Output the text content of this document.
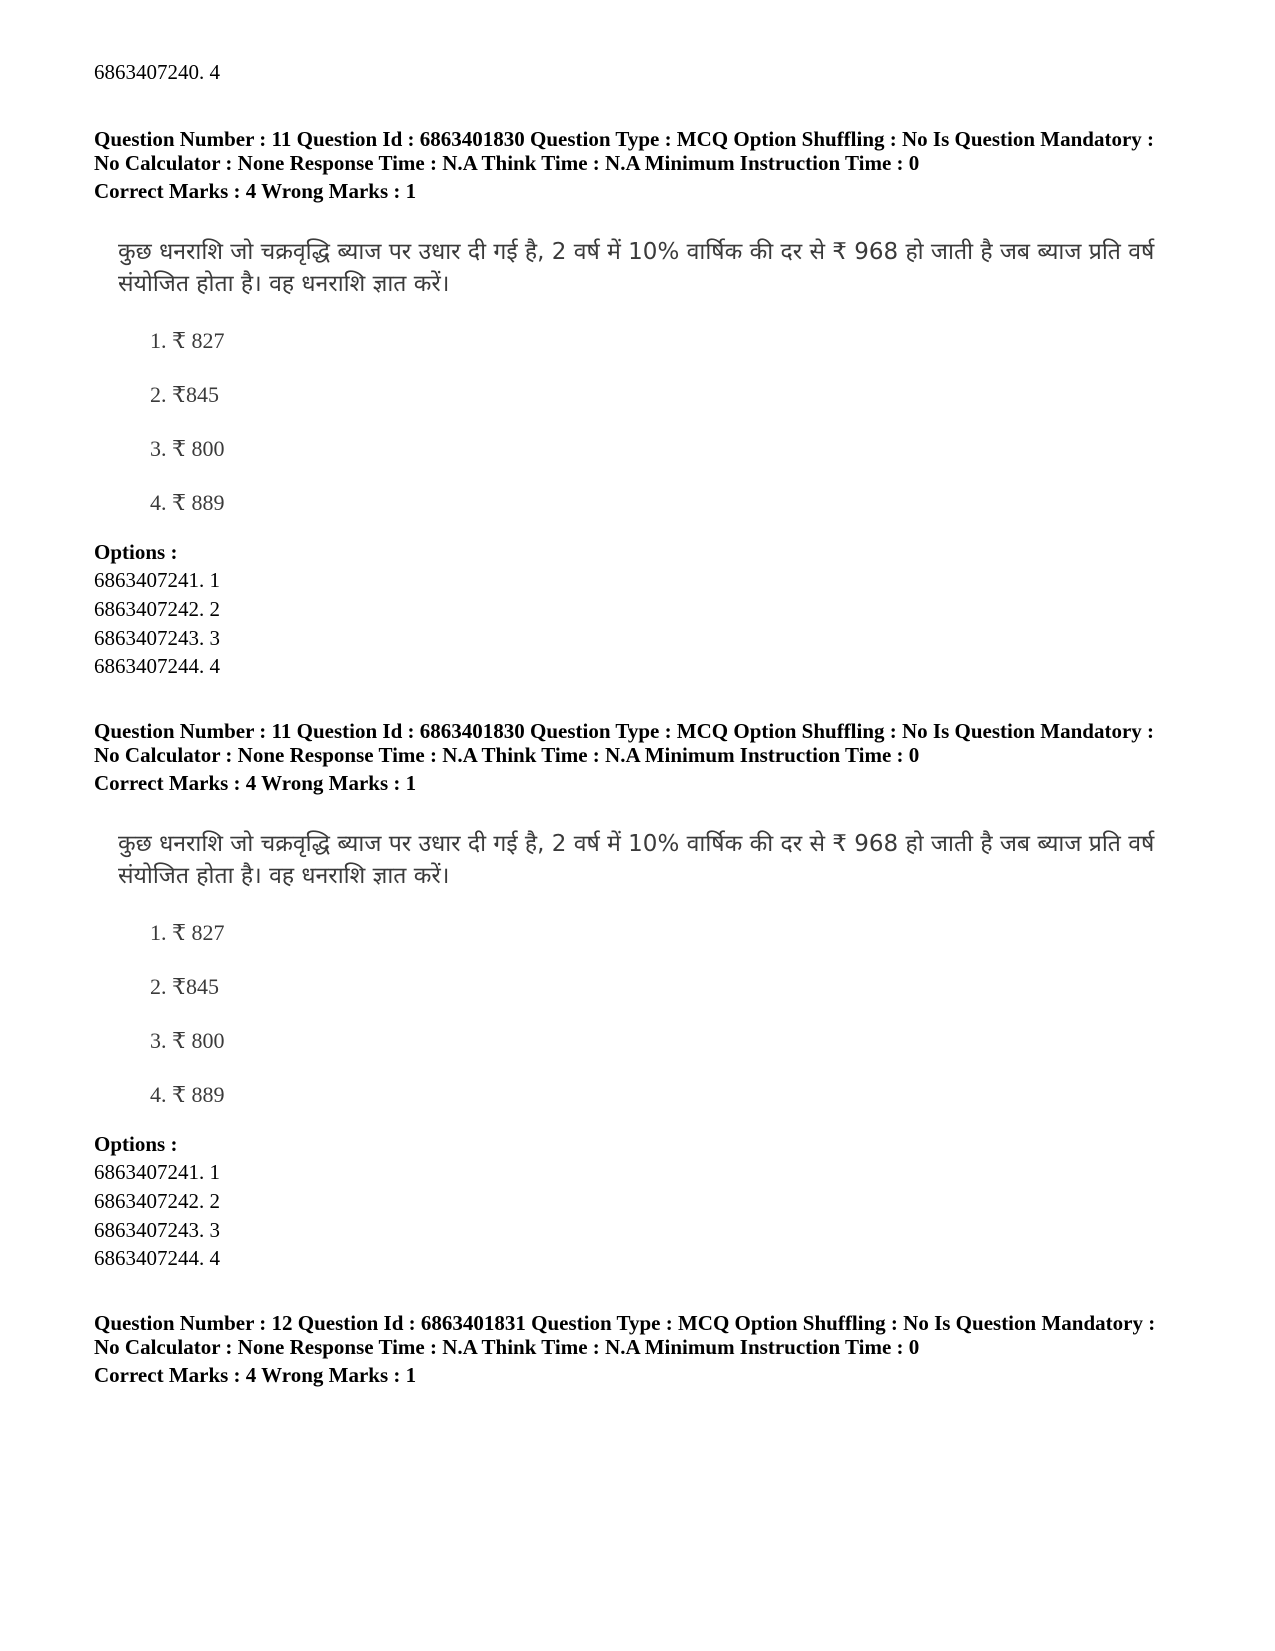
6863407240. 4
Question Number : 11 Question Id : 6863401830 Question Type : MCQ Option Shuffling : No Is Question Mandatory :
No Calculator : None Response Time : N.A Think Time : N.A Minimum Instruction Time : 0
Correct Marks : 4 Wrong Marks : 1
कुछ धनराशि जो चक्रवृद्धि ब्याज पर उधार दी गई है, 2 वर्ष में 10% वार्षिक की दर से ₹ 968 हो जाती है जब ब्याज प्रति वर्ष संयोजित होता है। वह धनराशि ज्ञात करें।
1. ₹ 827
2. ₹845
3. ₹ 800
4. ₹ 889
Options :
6863407241. 1
6863407242. 2
6863407243. 3
6863407244. 4
Question Number : 11 Question Id : 6863401830 Question Type : MCQ Option Shuffling : No Is Question Mandatory :
No Calculator : None Response Time : N.A Think Time : N.A Minimum Instruction Time : 0
Correct Marks : 4 Wrong Marks : 1
कुछ धनराशि जो चक्रवृद्धि ब्याज पर उधार दी गई है, 2 वर्ष में 10% वार्षिक की दर से ₹ 968 हो जाती है जब ब्याज प्रति वर्ष संयोजित होता है। वह धनराशि ज्ञात करें।
1. ₹ 827
2. ₹845
3. ₹ 800
4. ₹ 889
Options :
6863407241. 1
6863407242. 2
6863407243. 3
6863407244. 4
Question Number : 12 Question Id : 6863401831 Question Type : MCQ Option Shuffling : No Is Question Mandatory :
No Calculator : None Response Time : N.A Think Time : N.A Minimum Instruction Time : 0
Correct Marks : 4 Wrong Marks : 1
